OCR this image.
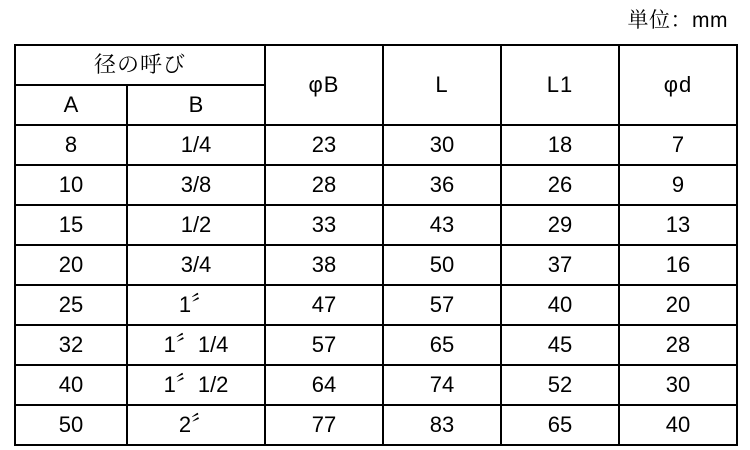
単位：mm
径の呼び		φB	L	L1	φd
A	B				
8	1/4	23	30	18	7
10	3/8	28	36	26	9
15	1/2	33	43	29	13
20	3/4	38	50	37	16
25	1〞	47	57	40	20
32	1〞1/4	57	65	45	28
40	1〞1/2	64	74	52	30
50	2〞	77	83	65	40
